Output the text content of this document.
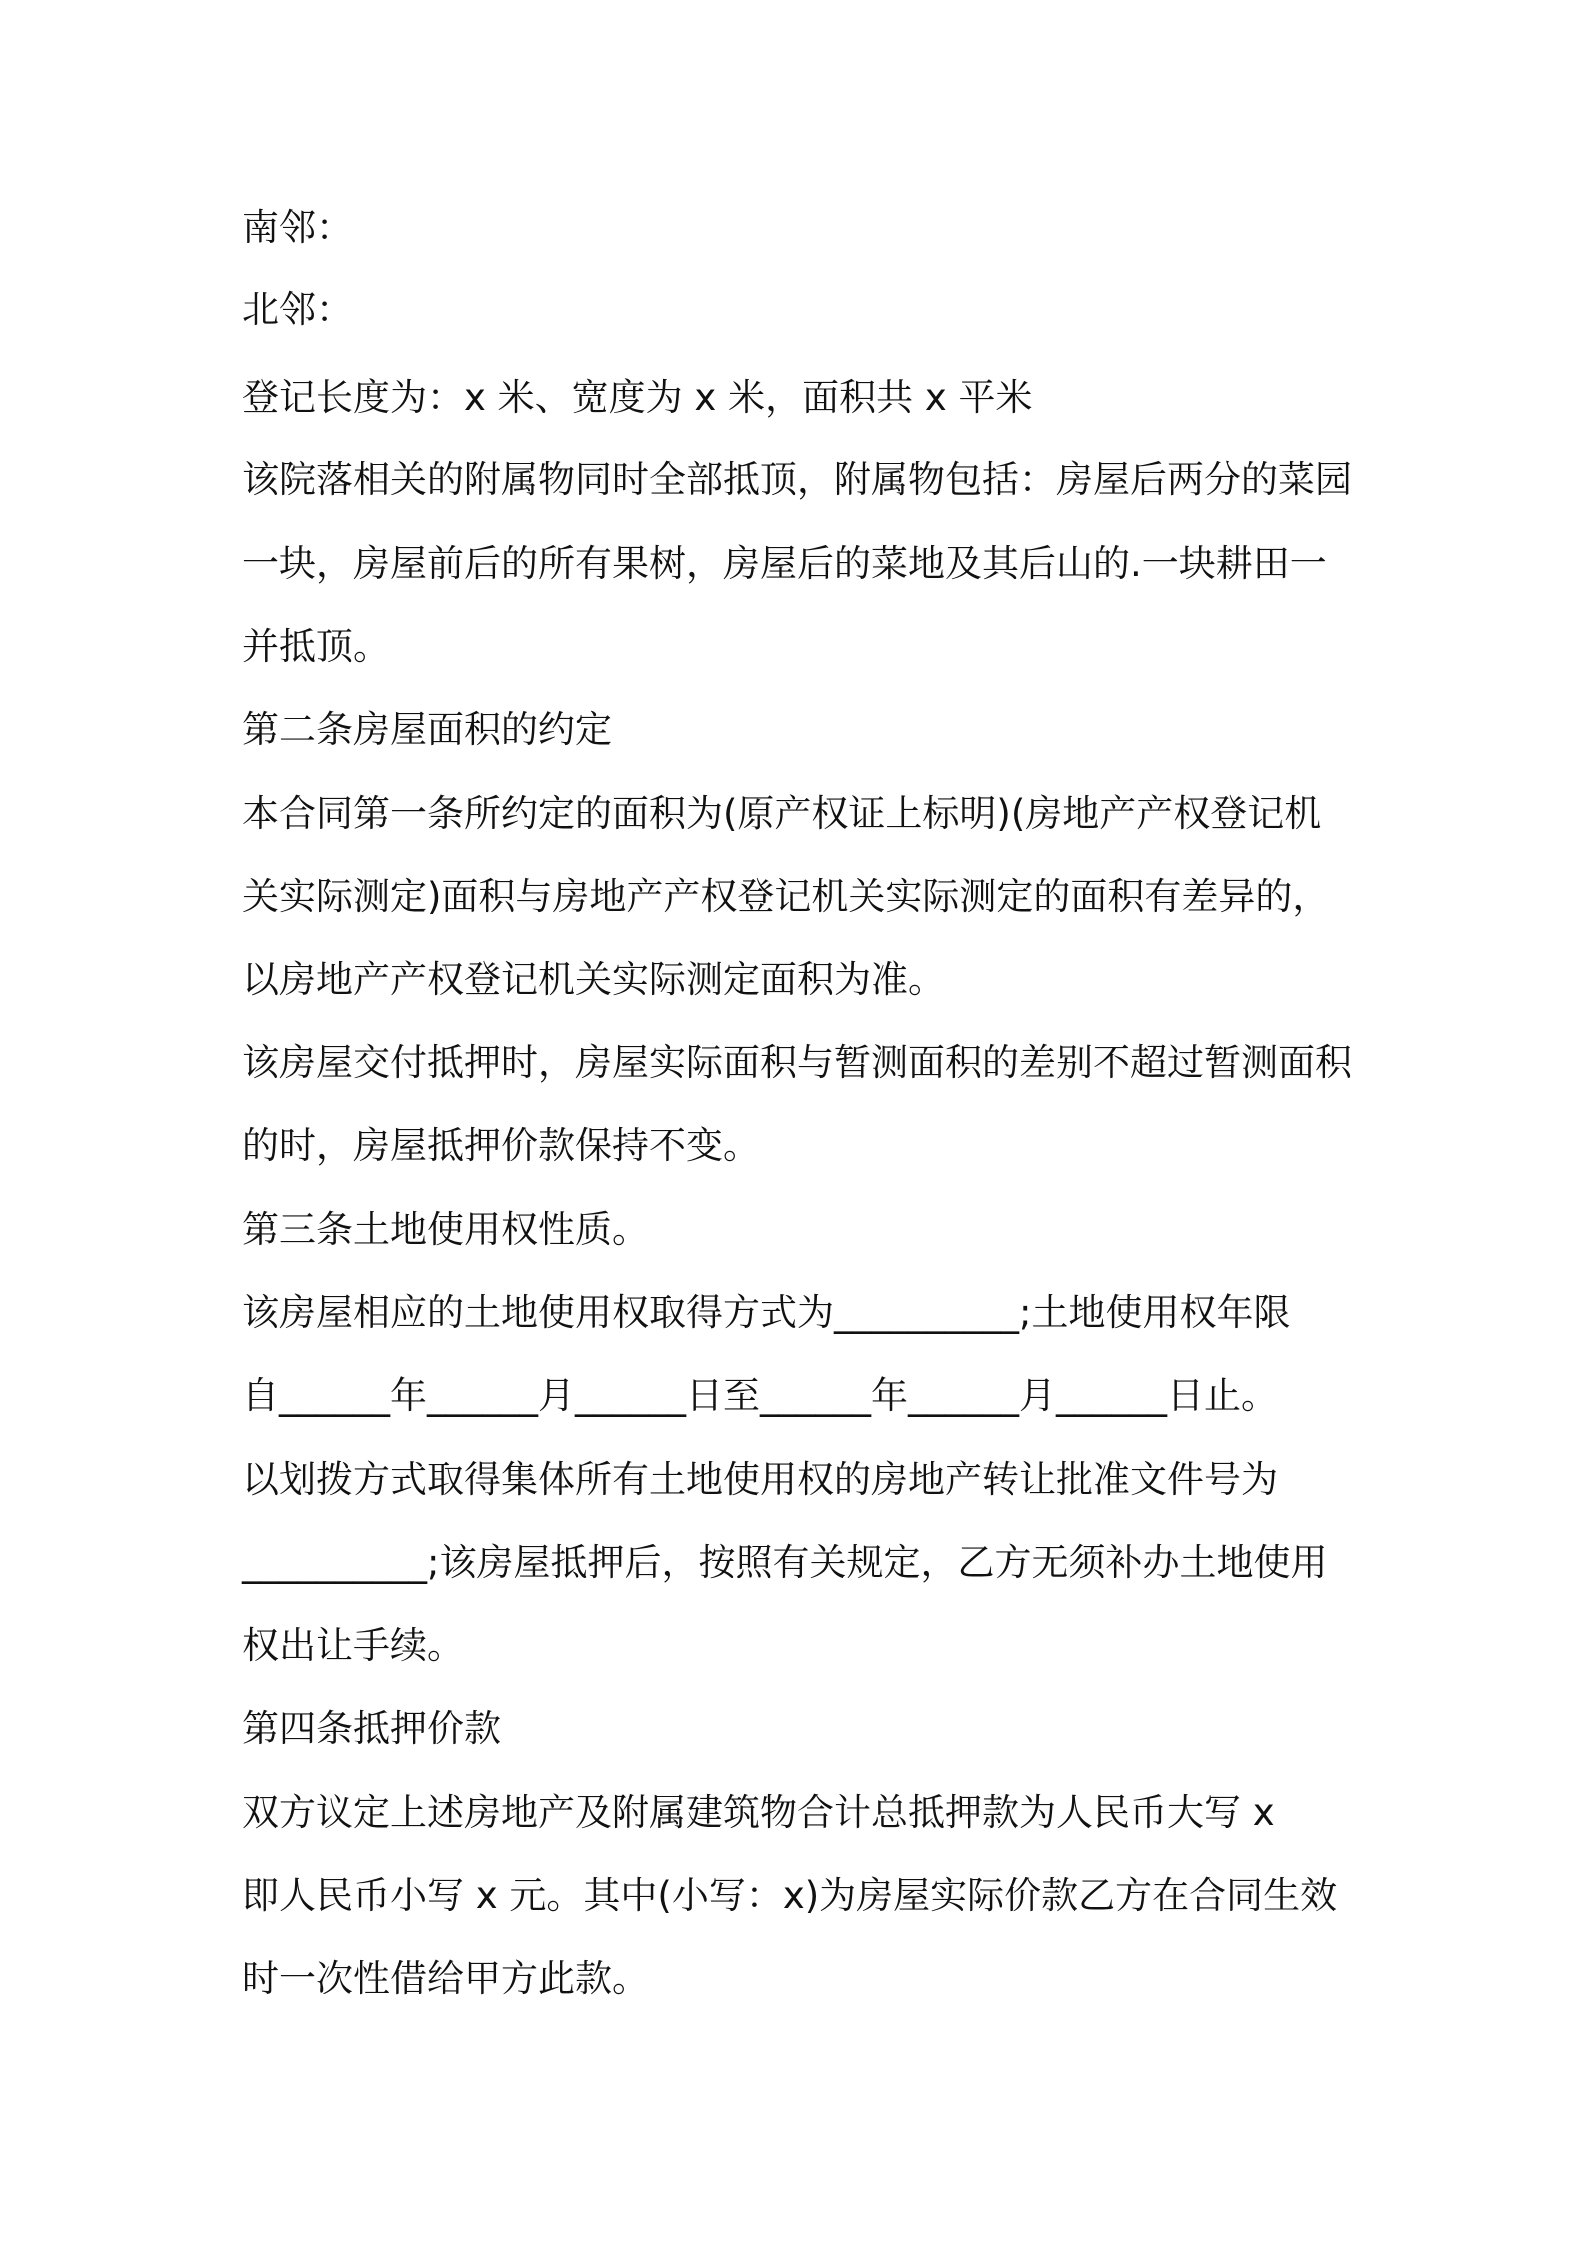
南邻：

北邻：

登记长度为：x 米、宽度为 x 米，面积共 x 平米

该院落相关的附属物同时全部抵顶，附属物包括：房屋后两分的菜园

一块，房屋前后的所有果树，房屋后的菜地及其后山的.一块耕田一

并抵顶。

第二条房屋面积的约定

本合同第一条所约定的面积为(原产权证上标明)(房地产产权登记机

关实际测定)面积与房地产产权登记机关实际测定的面积有差异的，

以房地产产权登记机关实际测定面积为准。

该房屋交付抵押时，房屋实际面积与暂测面积的差别不超过暂测面积

的时，房屋抵押价款保持不变。

第三条土地使用权性质。

该房屋相应的土地使用权取得方式为__________;土地使用权年限

自______年______月______日至______年______月______日止。

以划拨方式取得集体所有土地使用权的房地产转让批准文件号为

__________;该房屋抵押后，按照有关规定，乙方无须补办土地使用

权出让手续。

第四条抵押价款

双方议定上述房地产及附属建筑物合计总抵押款为人民币大写 x

即人民币小写 x 元。其中(小写：x)为房屋实际价款乙方在合同生效

时一次性借给甲方此款。
